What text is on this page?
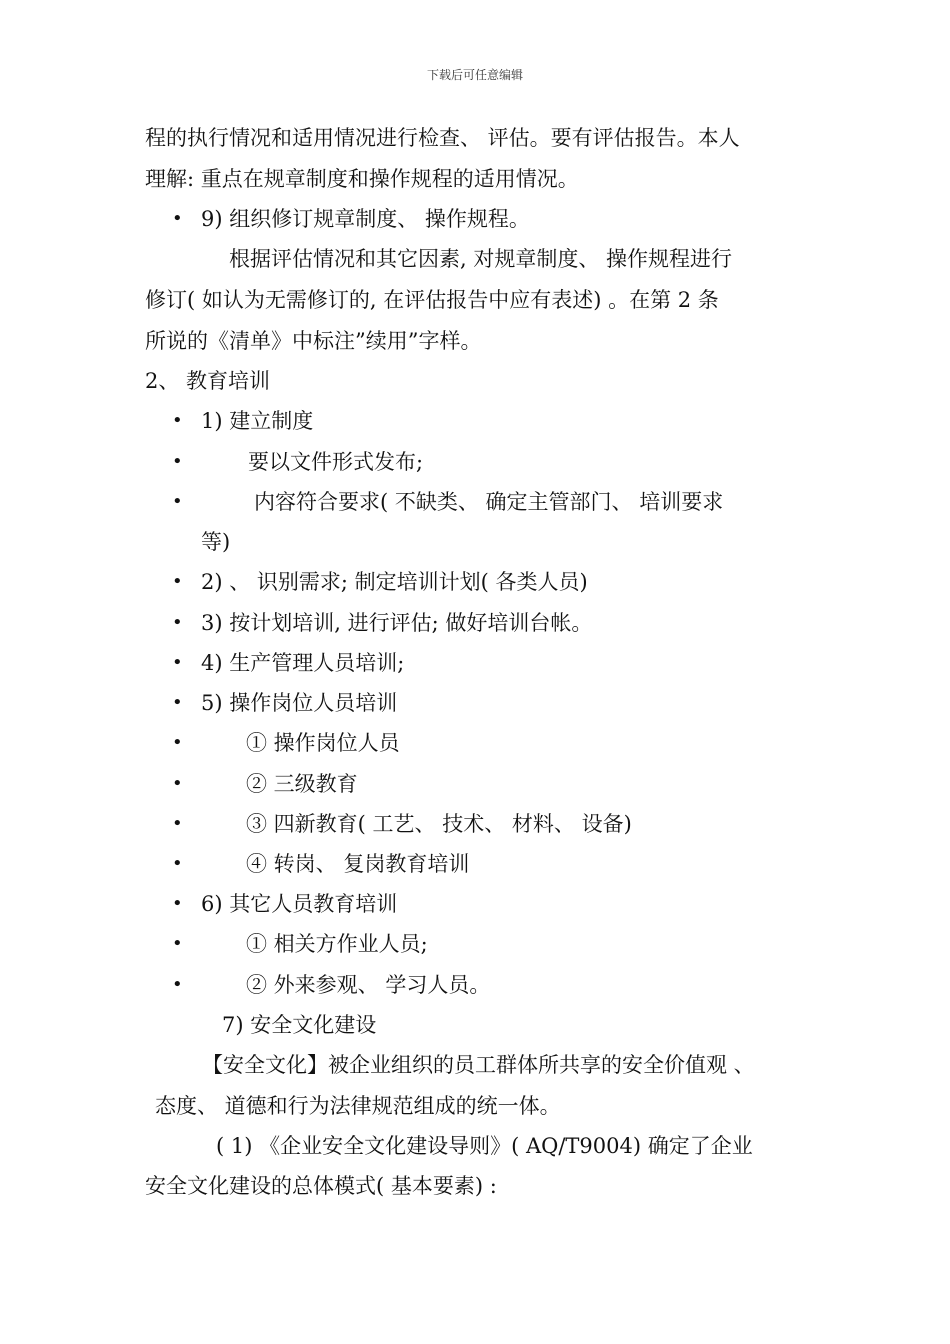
下载后可任意编辑
程的执行情况和适用情况进行检查、 评估。要有评估报告。本人
理解: 重点在规章制度和操作规程的适用情况。
• 9) 组织修订规章制度、 操作规程。
根据评估情况和其它因素, 对规章制度、 操作规程进行
修订( 如认为无需修订的, 在评估报告中应有表述) 。在第 2 条
所说的《清单》中标注”续用”字样。
2、 教育培训
• 1) 建立制度
•	要以文件形式发布;
•	内容符合要求( 不缺类、 确定主管部门、 培训要求
等)
• 2) 、 识别需求; 制定培训计划( 各类人员)
• 3) 按计划培训, 进行评估; 做好培训台帐。
• 4) 生产管理人员培训;
• 5) 操作岗位人员培训
•	① 操作岗位人员
•	② 三级教育
•	③ 四新教育( 工艺、 技术、 材料、 设备)
•	④ 转岗、 复岗教育培训
• 6) 其它人员教育培训
•	① 相关方作业人员;
•	② 外来参观、 学习人员。
7) 安全文化建设
【安全文化】被企业组织的员工群体所共享的安全价值观 、
态度、 道德和行为法律规范组成的统一体。
( 1) 《企业安全文化建设导则》( AQ/T9004) 确定了企业
安全文化建设的总体模式( 基本要素) :
